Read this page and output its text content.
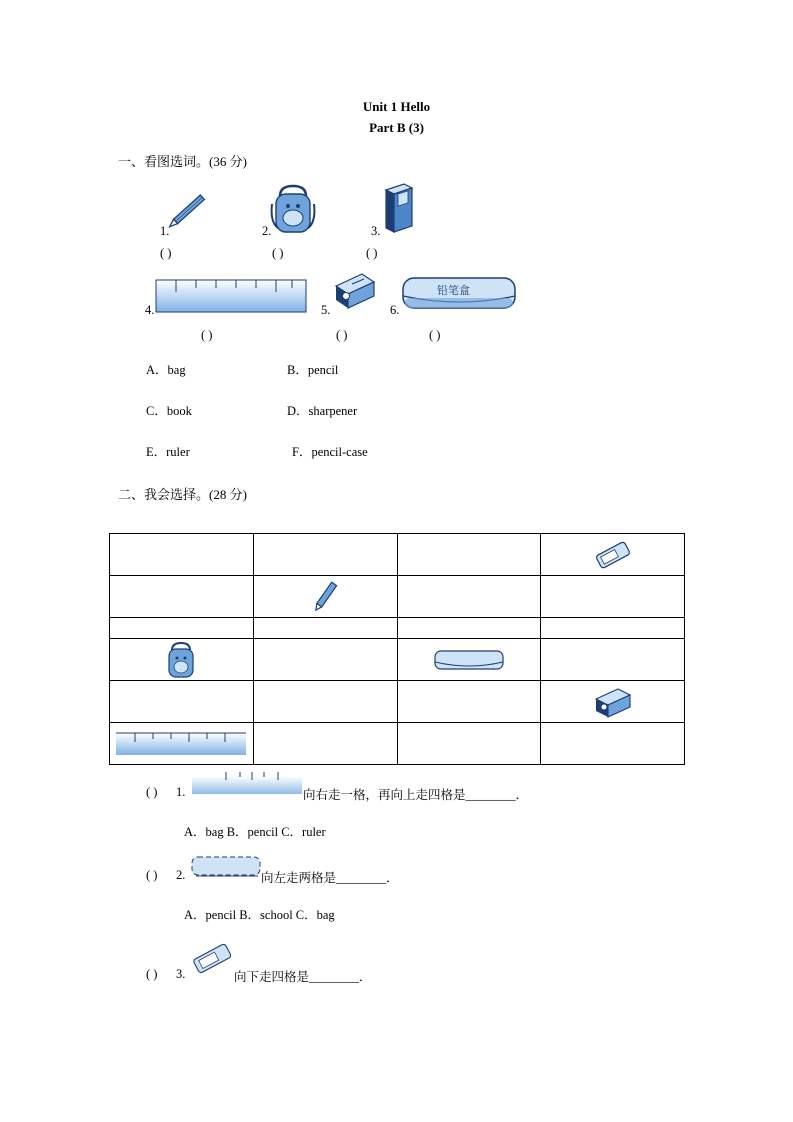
Unit 1 Hello
Part B (3)
一、看图选词。(36 分)
1.
( )
2.
( )
3.
( )
4.
( )
5.
( )
6.
铅笔盒
( )
A．bag	B．pencil
C．book	D．sharpener
E．ruler	F．pencil-case
二、我会选择。(28 分)

( ) 1.	向右走一格，再向上走四格是________．
A．bag B．pencil C．ruler
( ) 2.	向左走两格是________．
A．pencil B．school C．bag
( ) 3.	向下走四格是________．
